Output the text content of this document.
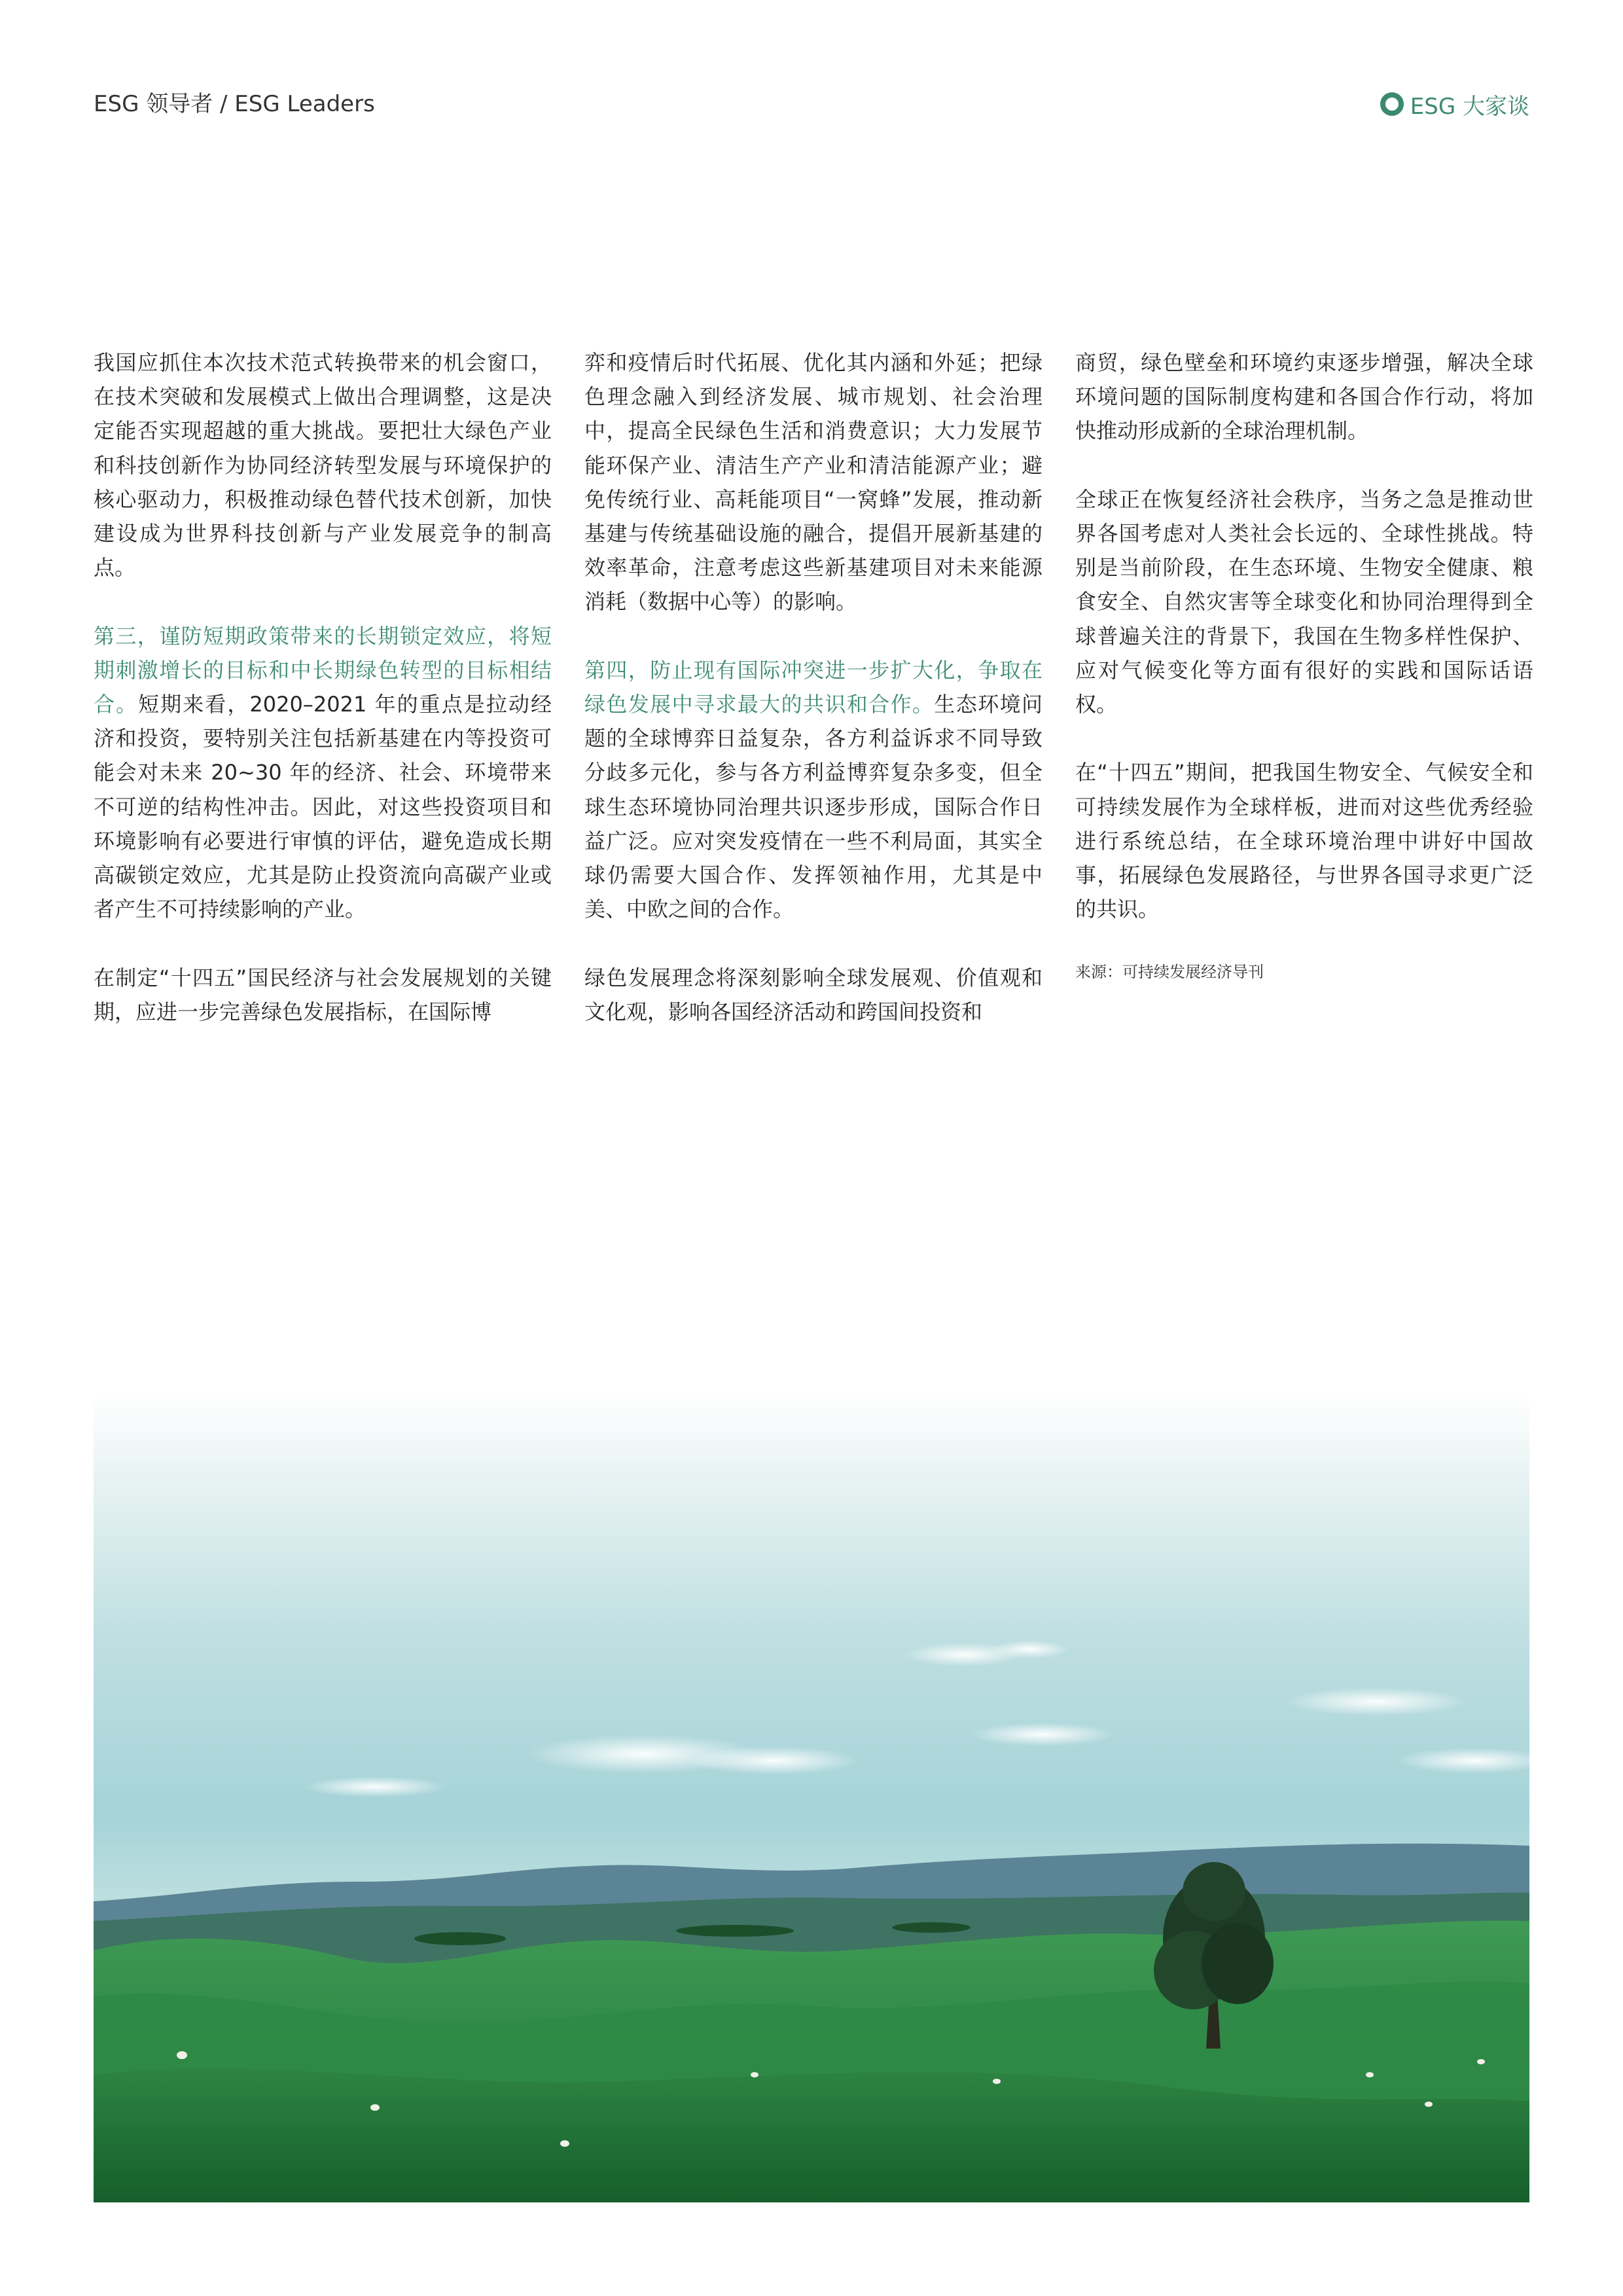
ESG 领导者 / ESG Leaders	ESG 大家谈

我国应抓住本次技术范式转换带来的机会窗口，在技术突破和发展模式上做出合理调整，这是决定能否实现超越的重大挑战。要把壮大绿色产业和科技创新作为协同经济转型发展与环境保护的核心驱动力，积极推动绿色替代技术创新，加快建设成为世界科技创新与产业发展竞争的制高点。

第三，谨防短期政策带来的长期锁定效应，将短期刺激增长的目标和中长期绿色转型的目标相结合。短期来看，2020–2021 年的重点是拉动经济和投资，要特别关注包括新基建在内等投资可能会对未来 20~30 年的经济、社会、环境带来不可逆的结构性冲击。因此，对这些投资项目和环境影响有必要进行审慎的评估，避免造成长期高碳锁定效应，尤其是防止投资流向高碳产业或者产生不可持续影响的产业。

在制定“十四五”国民经济与社会发展规划的关键期，应进一步完善绿色发展指标，在国际博

弈和疫情后时代拓展、优化其内涵和外延；把绿色理念融入到经济发展、城市规划、社会治理中，提高全民绿色生活和消费意识；大力发展节能环保产业、清洁生产产业和清洁能源产业；避免传统行业、高耗能项目“一窝蜂”发展，推动新基建与传统基础设施的融合，提倡开展新基建的效率革命，注意考虑这些新基建项目对未来能源消耗（数据中心等）的影响。

第四，防止现有国际冲突进一步扩大化，争取在绿色发展中寻求最大的共识和合作。生态环境问题的全球博弈日益复杂，各方利益诉求不同导致分歧多元化，参与各方利益博弈复杂多变，但全球生态环境协同治理共识逐步形成，国际合作日益广泛。应对突发疫情在一些不利局面，其实全球仍需要大国合作、发挥领袖作用，尤其是中美、中欧之间的合作。

绿色发展理念将深刻影响全球发展观、价值观和文化观，影响各国经济活动和跨国间投资和

商贸，绿色壁垒和环境约束逐步增强，解决全球环境问题的国际制度构建和各国合作行动，将加快推动形成新的全球治理机制。

全球正在恢复经济社会秩序，当务之急是推动世界各国考虑对人类社会长远的、全球性挑战。特别是当前阶段，在生态环境、生物安全健康、粮食安全、自然灾害等全球变化和协同治理得到全球普遍关注的背景下，我国在生物多样性保护、应对气候变化等方面有很好的实践和国际话语权。

在“十四五”期间，把我国生物安全、气候安全和可持续发展作为全球样板，进而对这些优秀经验进行系统总结，在全球环境治理中讲好中国故事，拓展绿色发展路径，与世界各国寻求更广泛的共识。

来源：可持续发展经济导刊
